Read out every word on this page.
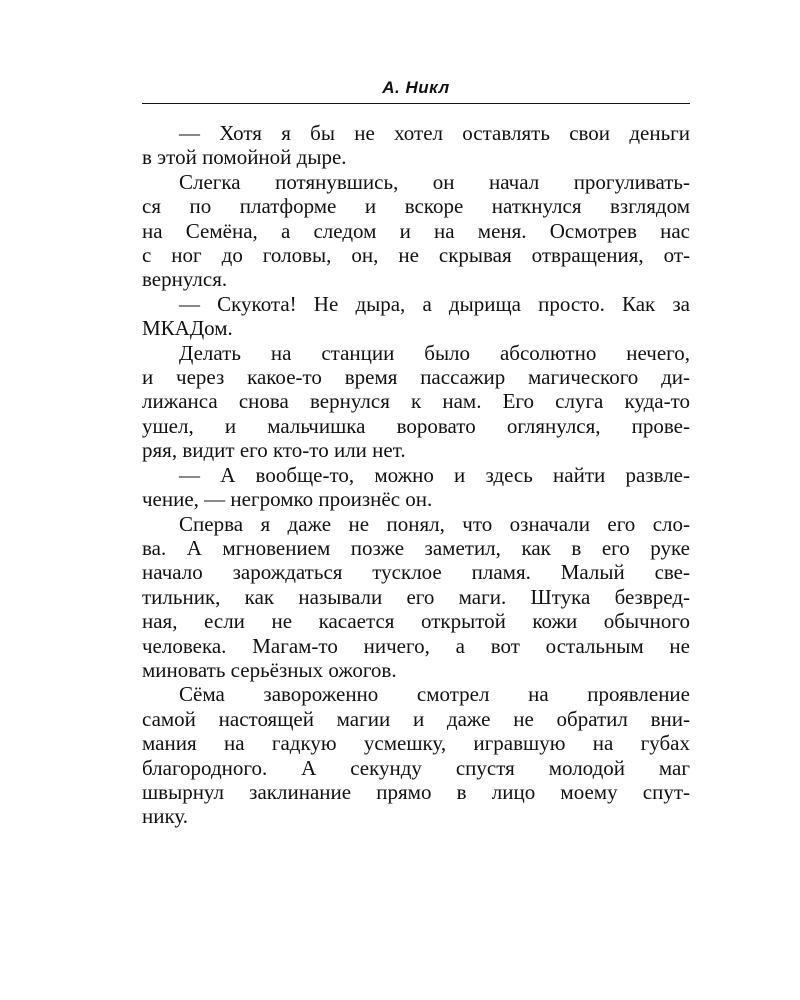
А. Никл
— Хотя я бы не хотел оставлять свои деньги
в этой помойной дыре.
Слегка потянувшись, он начал прогуливать-
ся по платформе и вскоре наткнулся взглядом
на Семёна, а следом и на меня. Осмотрев нас
с ног до головы, он, не скрывая отвращения, от-
вернулся.
— Скукота! Не дыра, а дырища просто. Как за
МКАДом.
Делать на станции было абсолютно нечего,
и через какое-то время пассажир магического ди-
лижанса снова вернулся к нам. Его слуга куда-то
ушел, и мальчишка воровато оглянулся, прове-
ряя, видит его кто-то или нет.
— А вообще-то, можно и здесь найти развле-
чение, — негромко произнёс он.
Сперва я даже не понял, что означали его сло-
ва. А мгновением позже заметил, как в его руке
начало зарождаться тусклое пламя. Малый све-
тильник, как называли его маги. Штука безвред-
ная, если не касается открытой кожи обычного
человека. Магам-то ничего, а вот остальным не
миновать серьёзных ожогов.
Сёма завороженно смотрел на проявление
самой настоящей магии и даже не обратил вни-
мания на гадкую усмешку, игравшую на губах
благородного. А секунду спустя молодой маг
швырнул заклинание прямо в лицо моему спут-
нику.
